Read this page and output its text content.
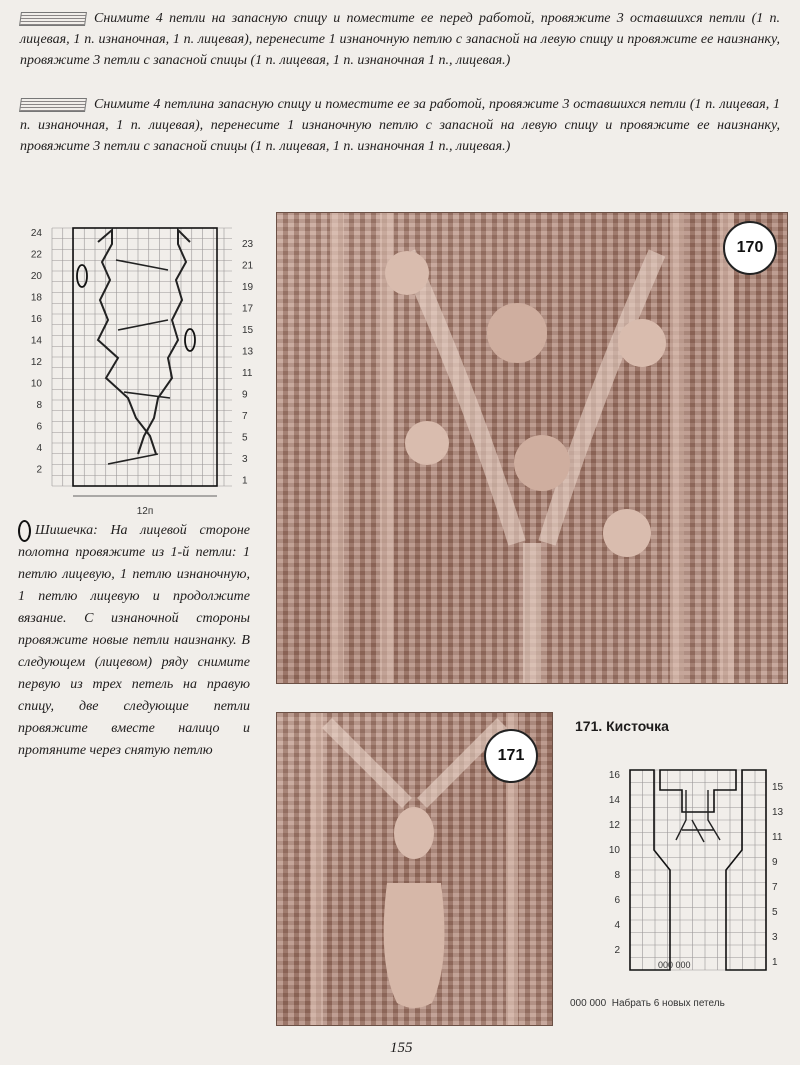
Снимите 4 петли на запасную спицу и поместите ее перед работой, провяжите 3 оставшихся петли (1 п. лицевая, 1 п. изнаночная, 1 п. лицевая), перенесите 1 изнаночную петлю с запасной на левую спицу и провяжите ее наизнанку, провяжите 3 петли с запасной спицы (1 п. лицевая, 1 п. изнаночная 1 п., лицевая.)
Снимите 4 петлина запасную спицу и поместите ее за работой, провяжите 3 оставшихся петли (1 п. лицевая, 1 п. изнаночная, 1 п. лицевая), перенесите 1 изнаночную петлю с запасной на левую спицу и провяжите ее наизнанку, провяжите 3 петли с запасной спицы (1 п. лицевая, 1 п. изнаночная 1 п., лицевая.)
24
22
20
18
16
14
12
10
8
6
4
2
23
21
19
17
15
13
11
9
7
5
3
1
12п
170
Шишечка: На лицевой стороне полотна провяжите из 1-й петли: 1 петлю лицевую, 1 петлю изнаночную, 1 петлю лицевую и продолжите вязание. С изнаночной стороны провяжите новые петли наизнанку. В следующем (лицевом) ряду снимите первую из трех петель на правую спицу, две следующие петли провяжите вместе налицо и протяните через снятую петлю	171
171. Кисточка
000 000
16
14
12
10
8
6
4
2
15
13
11
9
7
5
3
1
000 000 Набрать 6 новых петель
155
